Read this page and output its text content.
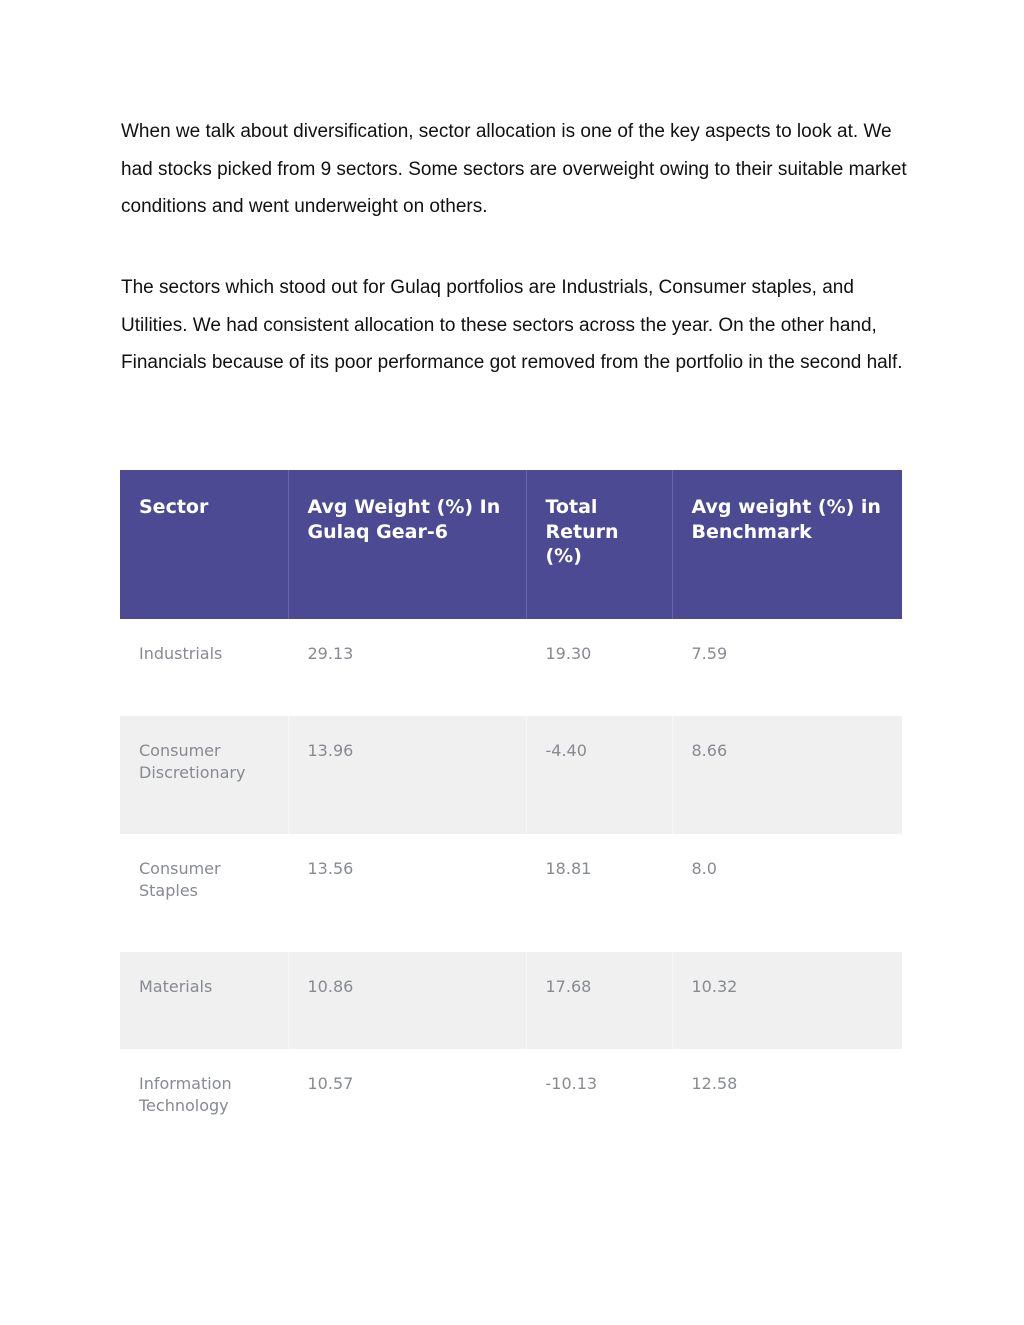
When we talk about diversification, sector allocation is one of the key aspects to look at. We had stocks picked from 9 sectors. Some sectors are overweight owing to their suitable market conditions and went underweight on others.

The sectors which stood out for Gulaq portfolios are Industrials, Consumer staples, and Utilities. We had consistent allocation to these sectors across the year. On the other hand, Financials because of its poor performance got removed from the portfolio in the second half.

Sector	Avg Weight (%) In Gulaq Gear-6	Total Return (%)	Avg weight (%) in Benchmark
Industrials	29.13	19.30	7.59
Consumer Discretionary	13.96	-4.40	8.66
Consumer Staples	13.56	18.81	8.0
Materials	10.86	17.68	10.32
Information Technology	10.57	-10.13	12.58
